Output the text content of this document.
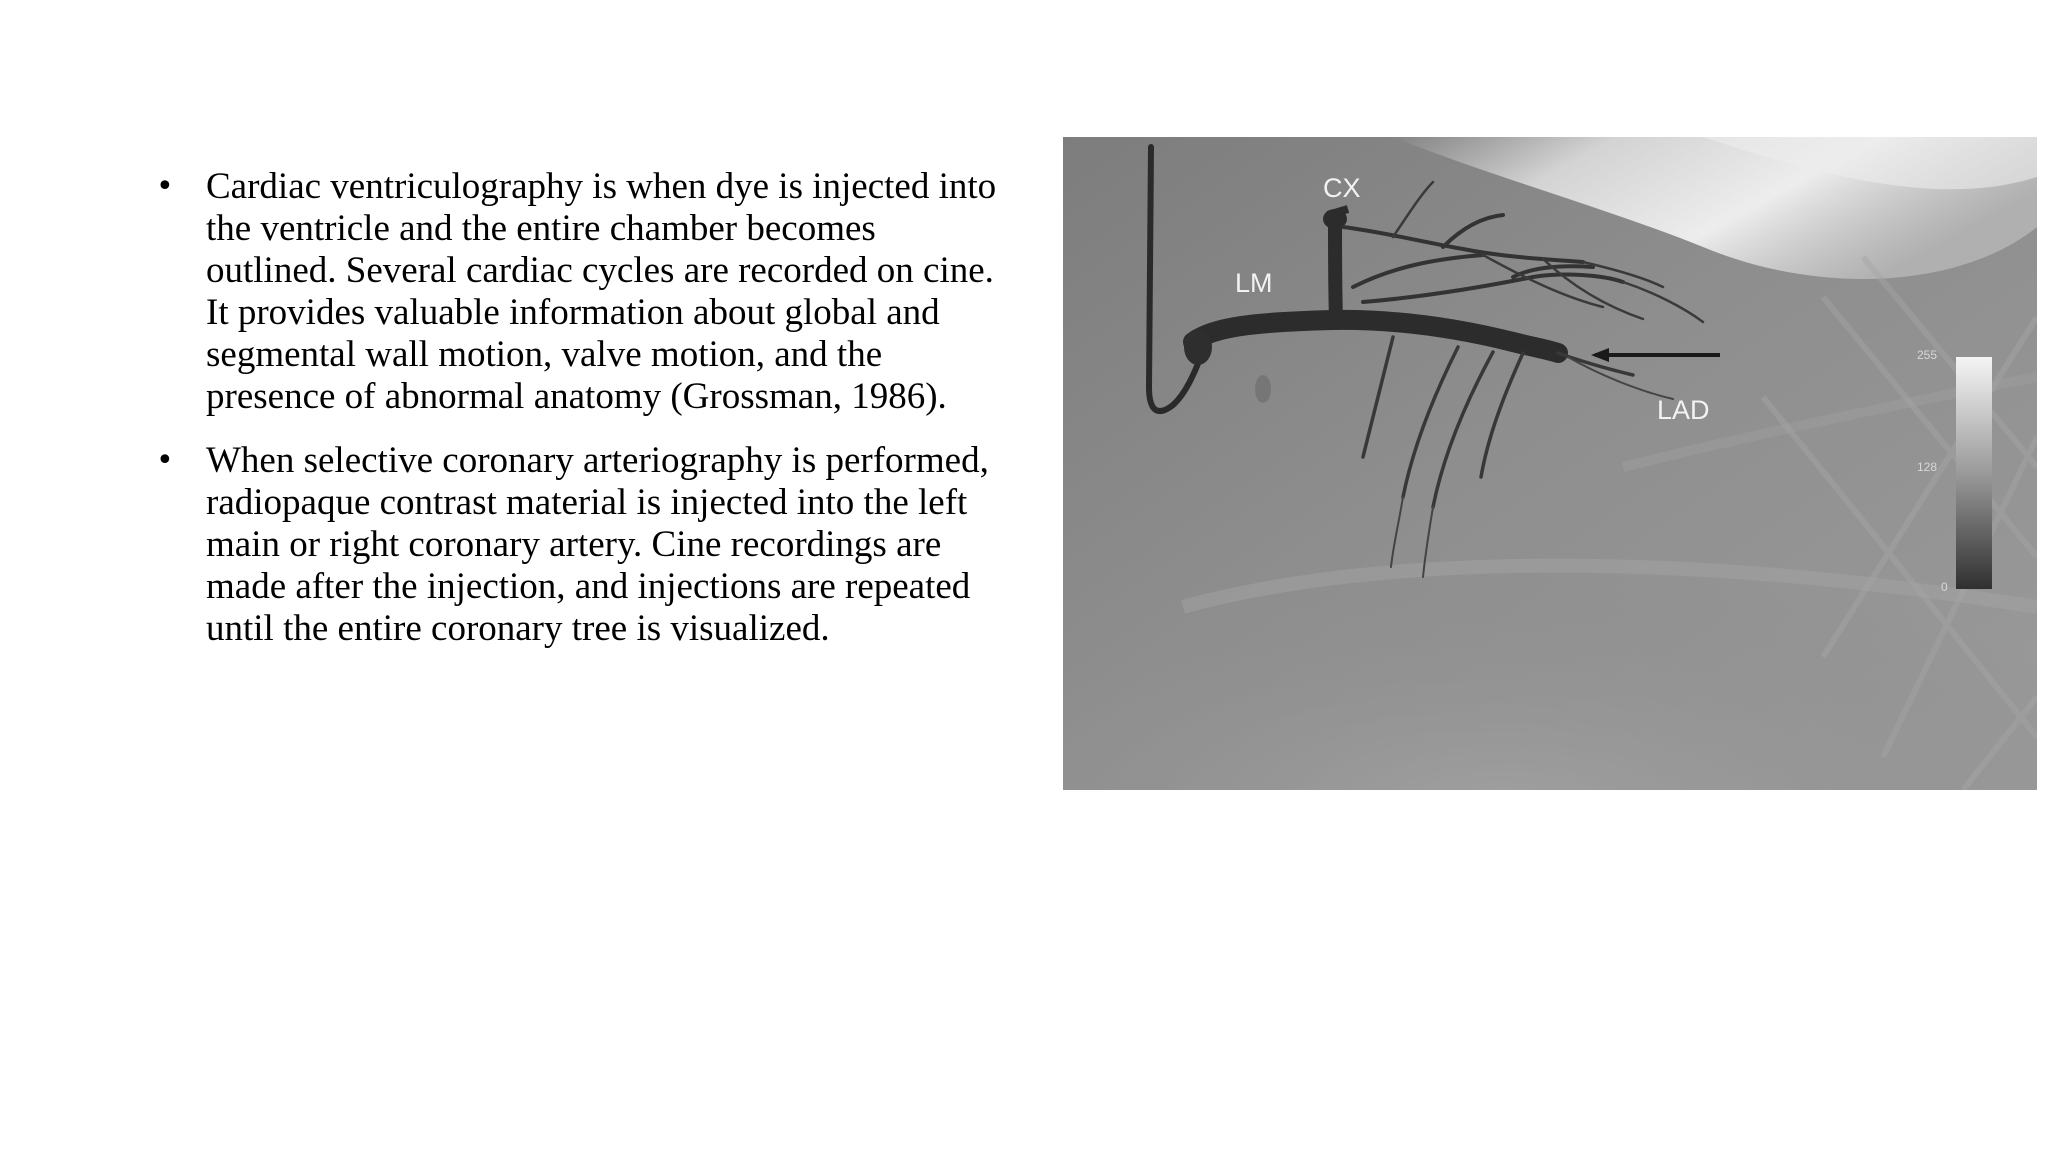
• Cardiac ventriculography is when dye is injected into the ventricle and the entire chamber becomes outlined. Several cardiac cycles are recorded on cine. It provides valuable information about global and segmental wall motion, valve motion, and the presence of abnormal anatomy (Grossman, 1986).
• When selective coronary arteriography is performed, radiopaque contrast material is injected into the left main or right coronary artery. Cine recordings are made after the injection, and injections are repeated until the entire coronary tree is visualized.
CX
LM
LAD
255
128
0
